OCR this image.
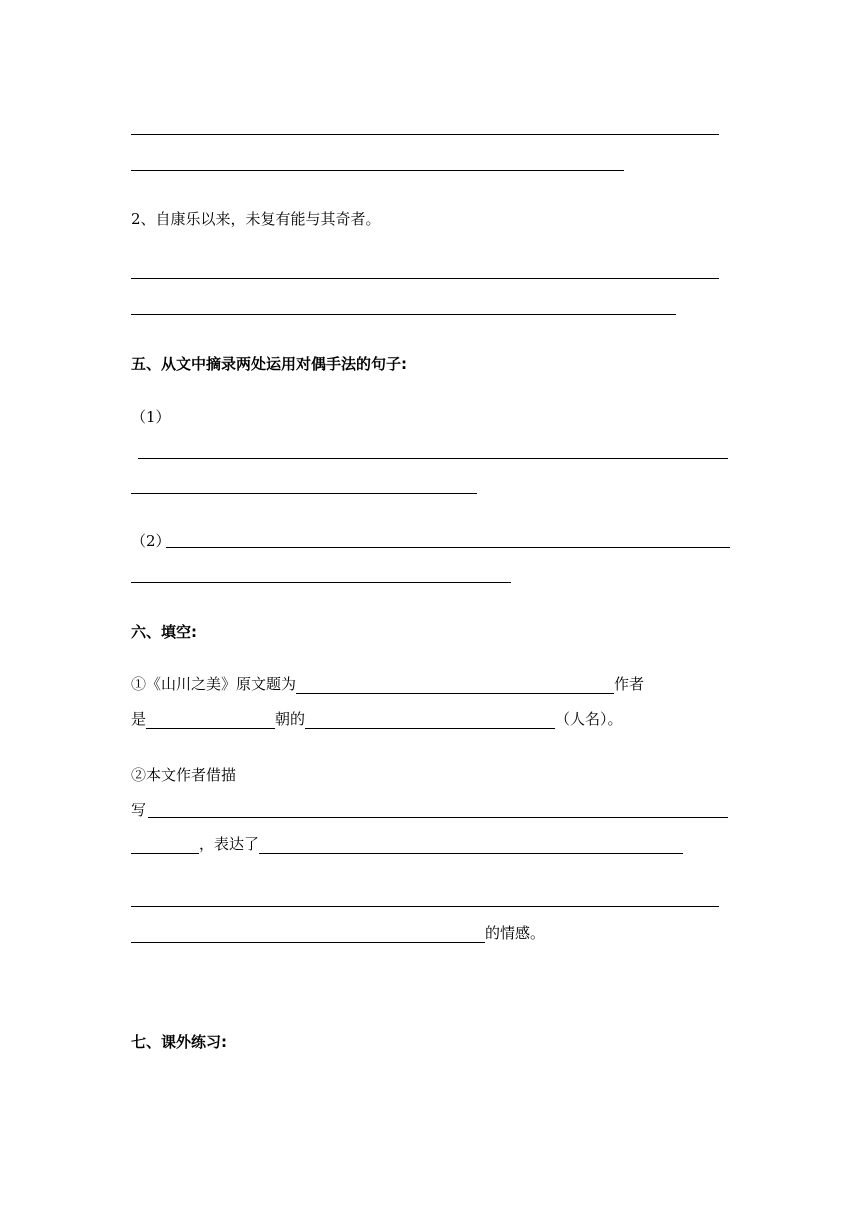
2、自康乐以来，未复有能与其奇者。
五、从文中摘录两处运用对偶手法的句子:
（1）
（2）
六、填空:
①《山川之美》原文题为	作者
是	朝的	（人名）。
②本文作者借描
写
，表达了
的情感。
七、课外练习:
